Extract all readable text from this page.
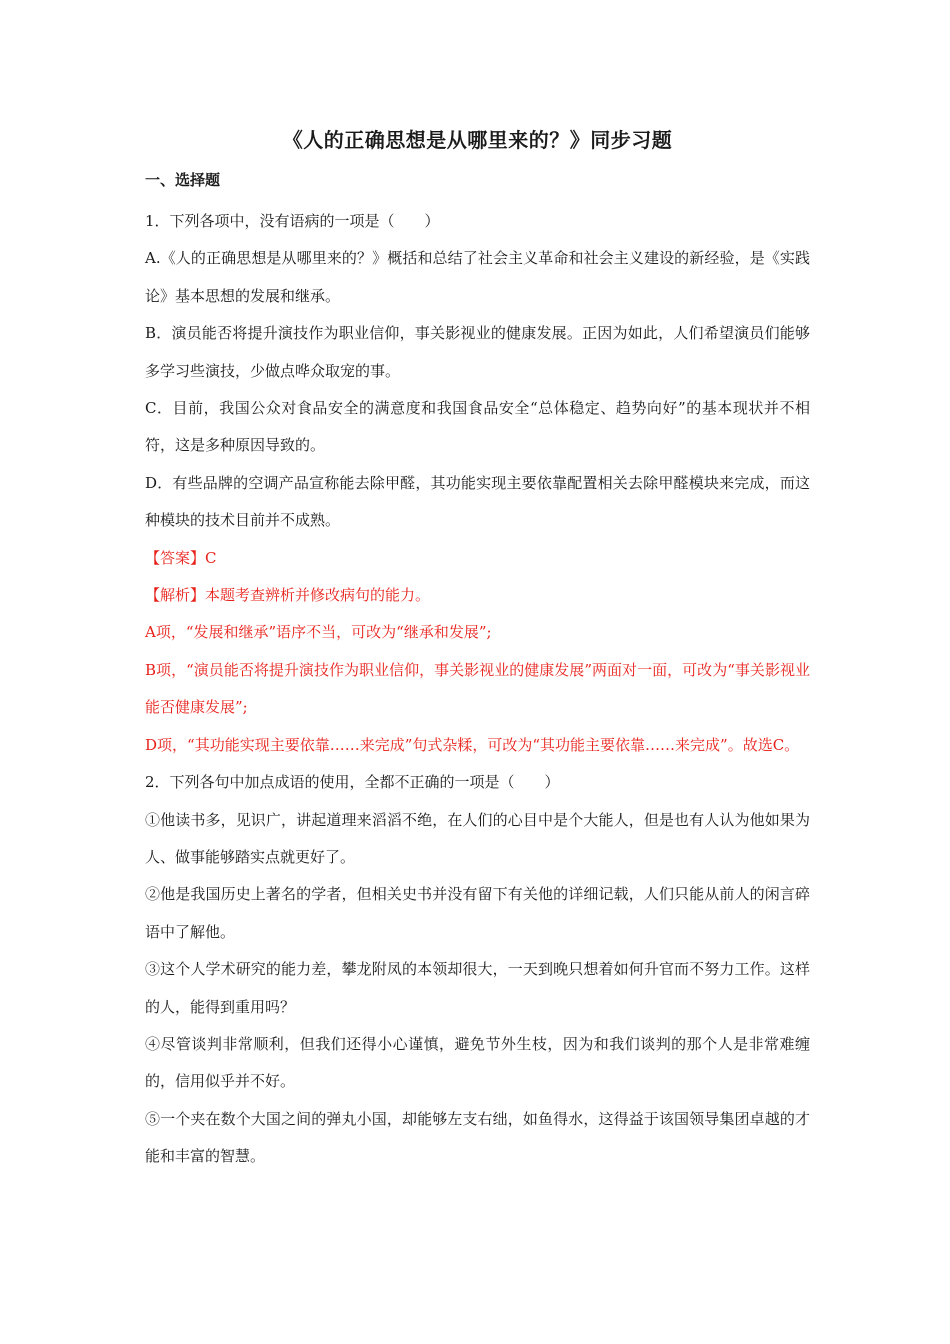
《人的正确思想是从哪里来的？》同步习题
一、选择题
1．下列各项中，没有语病的一项是（　　）
A.《人的正确思想是从哪里来的？》概括和总结了社会主义革命和社会主义建设的新经验，是《实践论》基本思想的发展和继承。
B．演员能否将提升演技作为职业信仰，事关影视业的健康发展。正因为如此，人们希望演员们能够多学习些演技，少做点哗众取宠的事。
C．目前，我国公众对食品安全的满意度和我国食品安全“总体稳定、趋势向好”的基本现状并不相符，这是多种原因导致的。
D．有些品牌的空调产品宣称能去除甲醛，其功能实现主要依靠配置相关去除甲醛模块来完成，而这种模块的技术目前并不成熟。
【答案】C
【解析】本题考查辨析并修改病句的能力。
A项，“发展和继承”语序不当，可改为“继承和发展”;
B项，“演员能否将提升演技作为职业信仰，事关影视业的健康发展”两面对一面，可改为“事关影视业能否健康发展”;
D项，“其功能实现主要依靠……来完成”句式杂糅，可改为“其功能主要依靠……来完成”。故选C。
2．下列各句中加点成语的使用，全都不正确的一项是（　　）
①他读书多，见识广，讲起道理来滔滔不绝，在人们的心目中是个大能人，但是也有人认为他如果为人、做事能够踏实点就更好了。
②他是我国历史上著名的学者，但相关史书并没有留下有关他的详细记载，人们只能从前人的闲言碎语中了解他。
③这个人学术研究的能力差，攀龙附凤的本领却很大，一天到晚只想着如何升官而不努力工作。这样的人，能得到重用吗？
④尽管谈判非常顺利，但我们还得小心谨慎，避免节外生枝，因为和我们谈判的那个人是非常难缠的，信用似乎并不好。
⑤一个夹在数个大国之间的弹丸小国，却能够左支右绌，如鱼得水，这得益于该国领导集团卓越的才能和丰富的智慧。
